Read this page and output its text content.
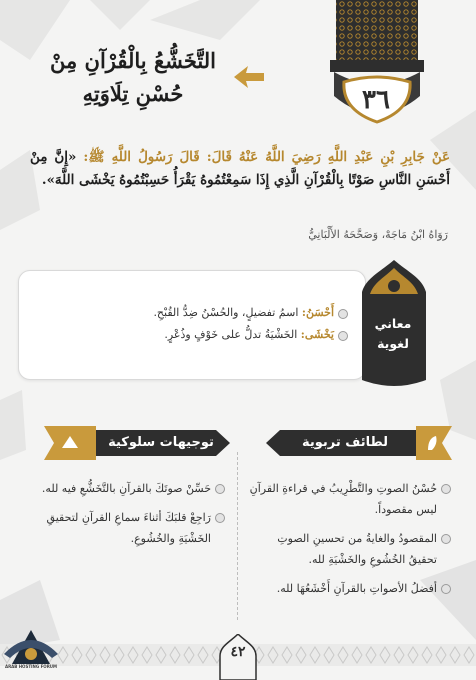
٣٦
التَّخَشُّعُ بِالْقُرْآنِ مِنْ
حُسْنِ تِلَاوَتِهِ
عَنْ جَابِرِ بْنِ عَبْدِ اللَّهِ رَضِيَ اللَّهُ عَنْهُ قَالَ: قَالَ رَسُولُ اللَّهِ ﷺ: «إِنَّ مِنْ أَحْسَنِ النَّاسِ صَوْتًا بِالْقُرْآنِ الَّذِي إِذَا سَمِعْتُمُوهُ يَقْرَأُ حَسِبْتُمُوهُ يَخْشَى اللَّهَ».
رَوَاهُ ابْنُ مَاجَهْ، وَصَحَّحَهُ الأَلْبَانِيُّ
أَحْسَنُ: اسمُ تفضيلٍ، والحُسْنُ ضِدُّ القُبْحِ.
يَخْشَى: الخَشْيَةُ تدلُّ على خَوْفٍ وذُعْرٍ.
معاني
لغوية
لطائف تربوية
حُسْنُ الصوتِ والتَّطْرِيبُ في قراءةِ القرآنِ ليس مقصوداً.
المقصودُ والغايةُ من تحسينِ الصوتِ تحقيقُ الخُشُوعِ والخَشْيَةِ لله.
أفضلُ الأصواتِ بالقرآنِ أَخْشَعُهَا لله.
توجيهات سلوكية
حَسِّنْ صوتَكَ بالقرآنِ بالتَّخَشُّعِ فيه لله.
رَاجِعْ قلبَكَ أثناءَ سماعِ القرآنِ لتحقيقِ الخَشْيَةِ والخُشُوعِ.
٤٢
ARAB HOSTING FORUM
